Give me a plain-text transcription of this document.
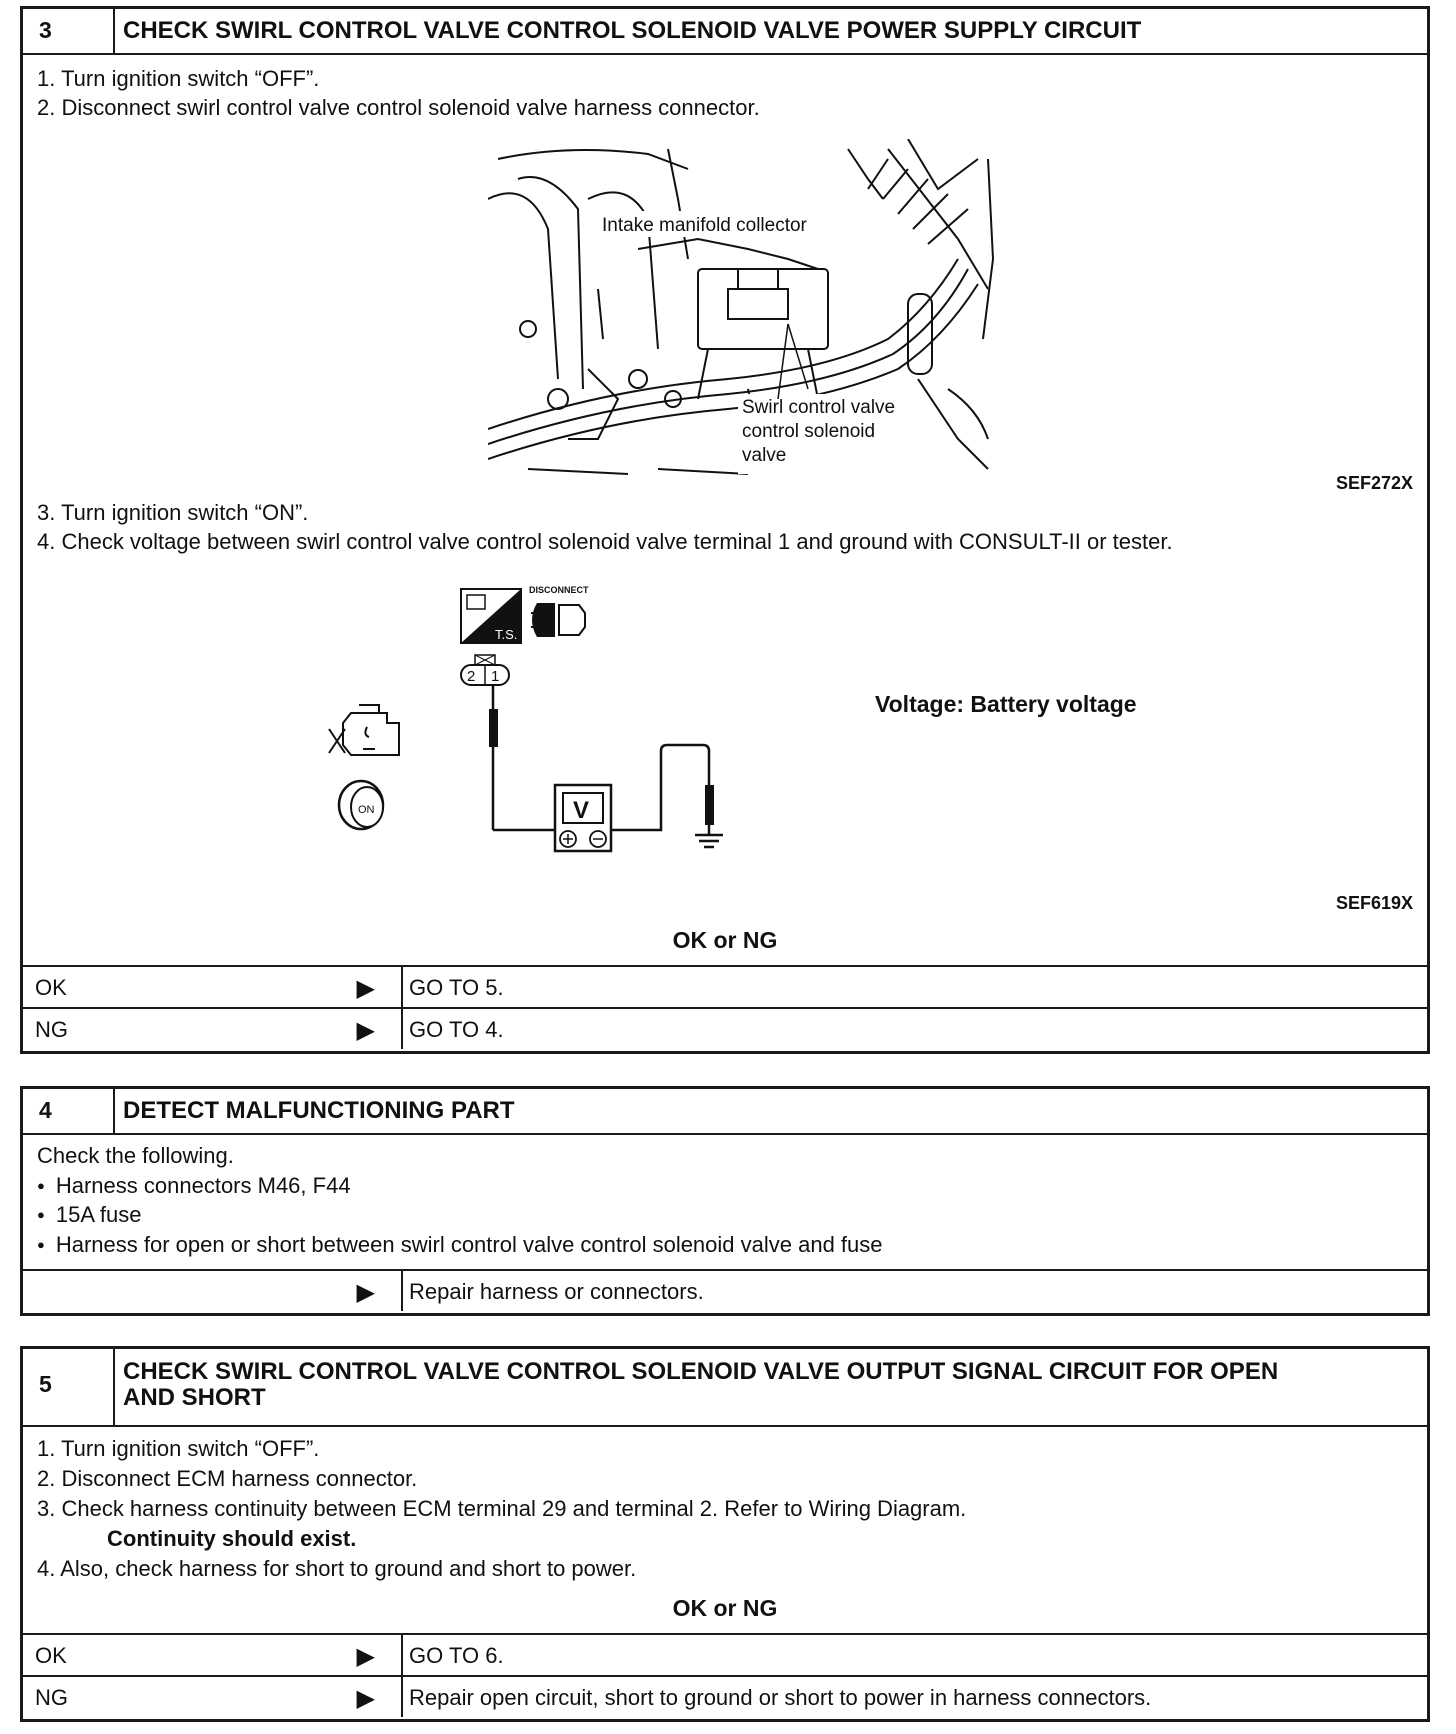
3	CHECK SWIRL CONTROL VALVE CONTROL SOLENOID VALVE POWER SUPPLY CIRCUIT
1. Turn ignition switch “OFF”.
2. Disconnect swirl control valve control solenoid valve harness connector.
Intake manifold collector
Swirl control valve
control solenoid
valve
SEF272X
3. Turn ignition switch “ON”.
4. Check voltage between swirl control valve control solenoid valve terminal 1 and ground with CONSULT-II or tester.
T.S.
DISCONNECT
2 1
V
ON
Voltage: Battery voltage
SEF619X
OK or NG
OK	▶ GO TO 5.
NG	▶ GO TO 4.
4	DETECT MALFUNCTIONING PART
Check the following.
● Harness connectors M46, F44
● 15A fuse
● Harness for open or short between swirl control valve control solenoid valve and fuse
▶ Repair harness or connectors.
5	CHECK SWIRL CONTROL VALVE CONTROL SOLENOID VALVE OUTPUT SIGNAL CIRCUIT FOR OPEN
AND SHORT
1. Turn ignition switch “OFF”.
2. Disconnect ECM harness connector.
3. Check harness continuity between ECM terminal 29 and terminal 2. Refer to Wiring Diagram.
Continuity should exist.
4. Also, check harness for short to ground and short to power.
OK or NG
OK	▶ GO TO 6.
NG	▶ Repair open circuit, short to ground or short to power in harness connectors.
